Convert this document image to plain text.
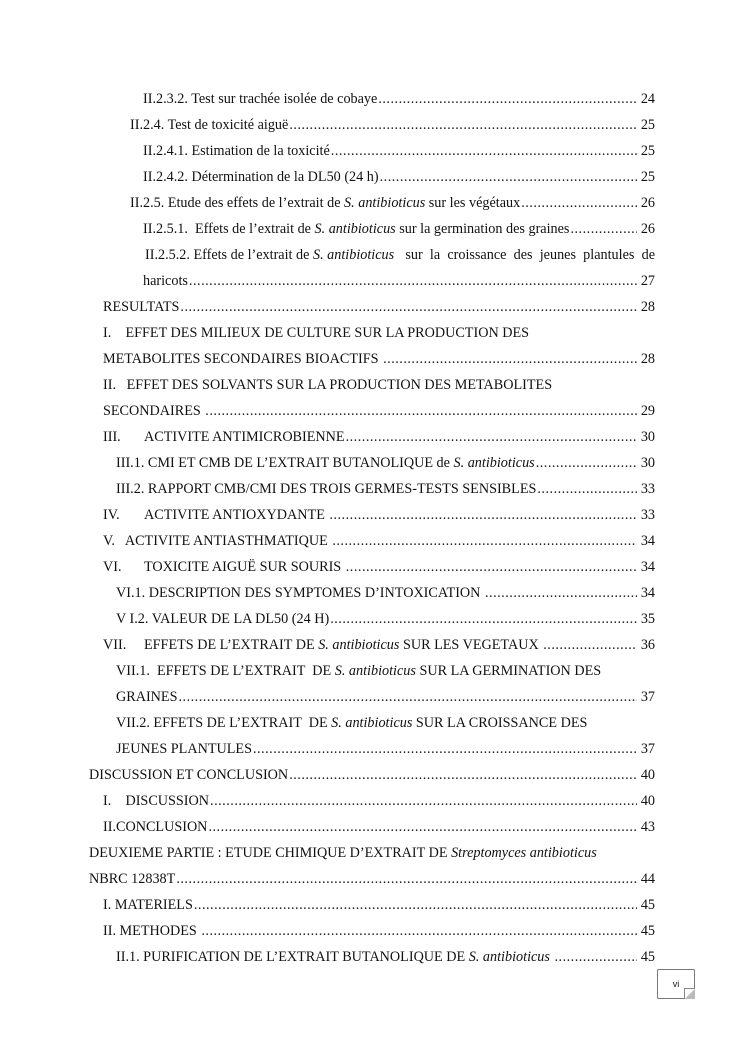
II.2.3.2. Test sur trachée isolée de cobaye .....	24
II.2.4. Test de toxicité aiguë .....	25
II.2.4.1. Estimation de la toxicité .....	25
II.2.4.2. Détermination de la DL50 (24 h) .....	25
II.2.5. Etude des effets de l’extrait de S. antibioticus sur les végétaux .....	26
II.2.5.1.  Effets de l’extrait de S. antibioticus sur la germination des graines .....	26
II.2.5.2. Effets de l’extrait de S. antibioticus sur la croissance des jeunes plantules de
haricots .....	27
RESULTATS .....	28
I.    EFFET DES MILIEUX DE CULTURE SUR LA PRODUCTION DES
METABOLITES SECONDAIRES BIOACTIFS .....	28
II.   EFFET DES SOLVANTS SUR LA PRODUCTION DES METABOLITES
SECONDAIRES .....	29
III. ACTIVITE ANTIMICROBIENNE .....	30
III.1. CMI ET CMB DE L’EXTRAIT BUTANOLIQUE de S. antibioticus .....	30
III.2. RAPPORT CMB/CMI DES TROIS GERMES-TESTS SENSIBLES .....	33
IV. ACTIVITE ANTIOXYDANTE .....	33
V.   ACTIVITE ANTIASTHMATIQUE .....	34
VI. TOXICITE AIGUË SUR SOURIS .....	34
VI.1. DESCRIPTION DES SYMPTOMES D’INTOXICATION .....	34
V I.2. VALEUR DE LA DL50 (24 H) .....	35
VII. EFFETS DE L’EXTRAIT DE S. antibioticus SUR LES VEGETAUX .....	36
VII.1.  EFFETS DE L’EXTRAIT  DE S. antibioticus SUR LA GERMINATION DES
GRAINES .....	37
VII.2. EFFETS DE L’EXTRAIT  DE S. antibioticus SUR LA CROISSANCE DES
JEUNES PLANTULES .....	37
DISCUSSION ET CONCLUSION .....	40
I.    DISCUSSION .....	40
II.CONCLUSION .....	43
DEUXIEME PARTIE : ETUDE CHIMIQUE D’EXTRAIT DE Streptomyces antibioticus
NBRC 12838T .....	44
I. MATERIELS .....	45
II. METHODES .....	45
II.1. PURIFICATION DE L’EXTRAIT BUTANOLIQUE DE S. antibioticus .....	45
vi
